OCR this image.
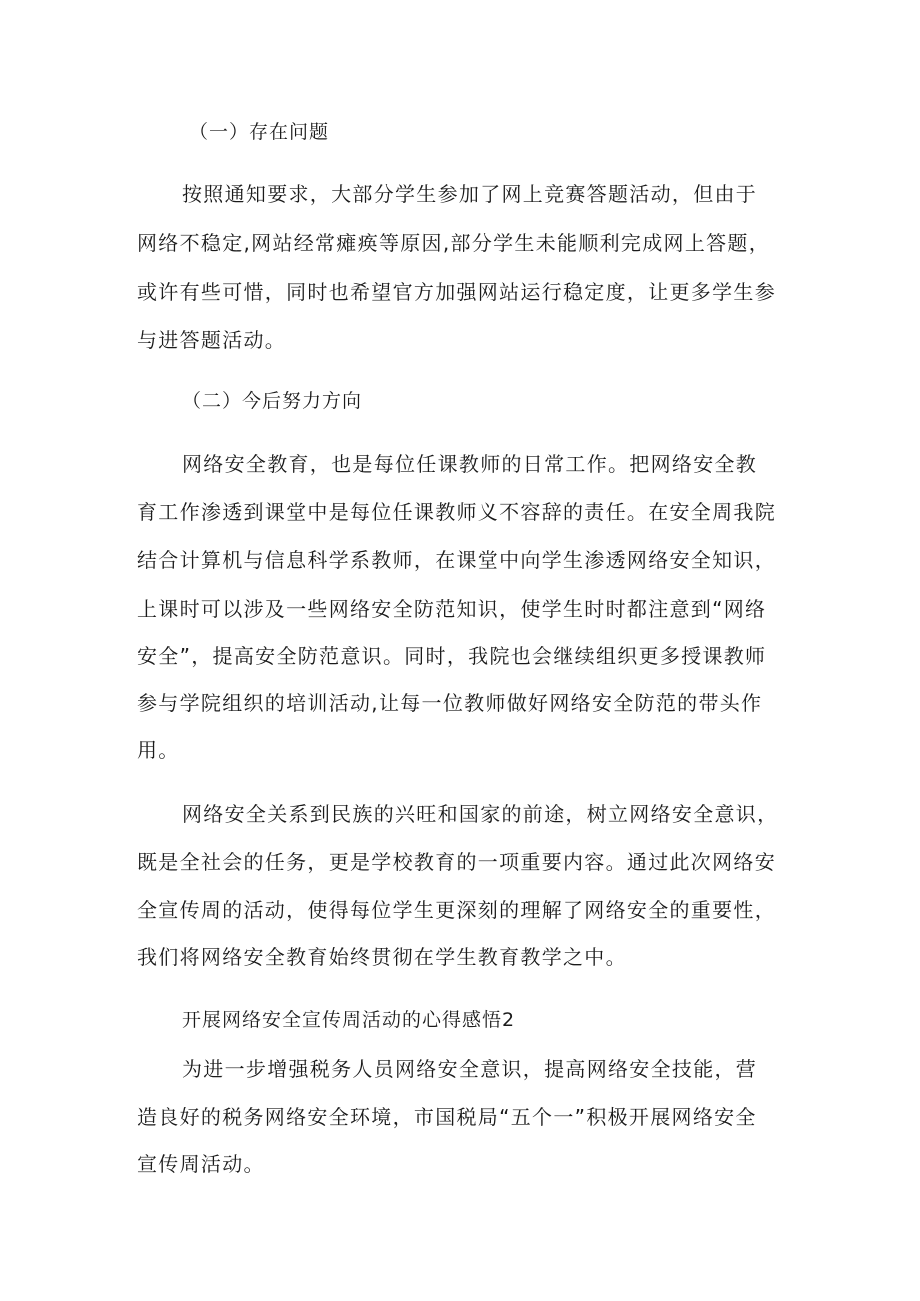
（一）存在问题
按照通知要求，大部分学生参加了网上竞赛答题活动，但由于
网络不稳定,网站经常瘫痪等原因,部分学生未能顺利完成网上答题，
或许有些可惜，同时也希望官方加强网站运行稳定度，让更多学生参
与进答题活动。
（二）今后努力方向
网络安全教育，也是每位任课教师的日常工作。把网络安全教
育工作渗透到课堂中是每位任课教师义不容辞的责任。在安全周我院
结合计算机与信息科学系教师，在课堂中向学生渗透网络安全知识，
上课时可以涉及一些网络安全防范知识，使学生时时都注意到“网络
安全”，提高安全防范意识。同时，我院也会继续组织更多授课教师
参与学院组织的培训活动,让每一位教师做好网络安全防范的带头作
用。
网络安全关系到民族的兴旺和国家的前途，树立网络安全意识，
既是全社会的任务，更是学校教育的一项重要内容。通过此次网络安
全宣传周的活动，使得每位学生更深刻的理解了网络安全的重要性，
我们将网络安全教育始终贯彻在学生教育教学之中。
开展网络安全宣传周活动的心得感悟2
为进一步增强税务人员网络安全意识，提高网络安全技能，营
造良好的税务网络安全环境，市国税局“五个一”积极开展网络安全
宣传周活动。
